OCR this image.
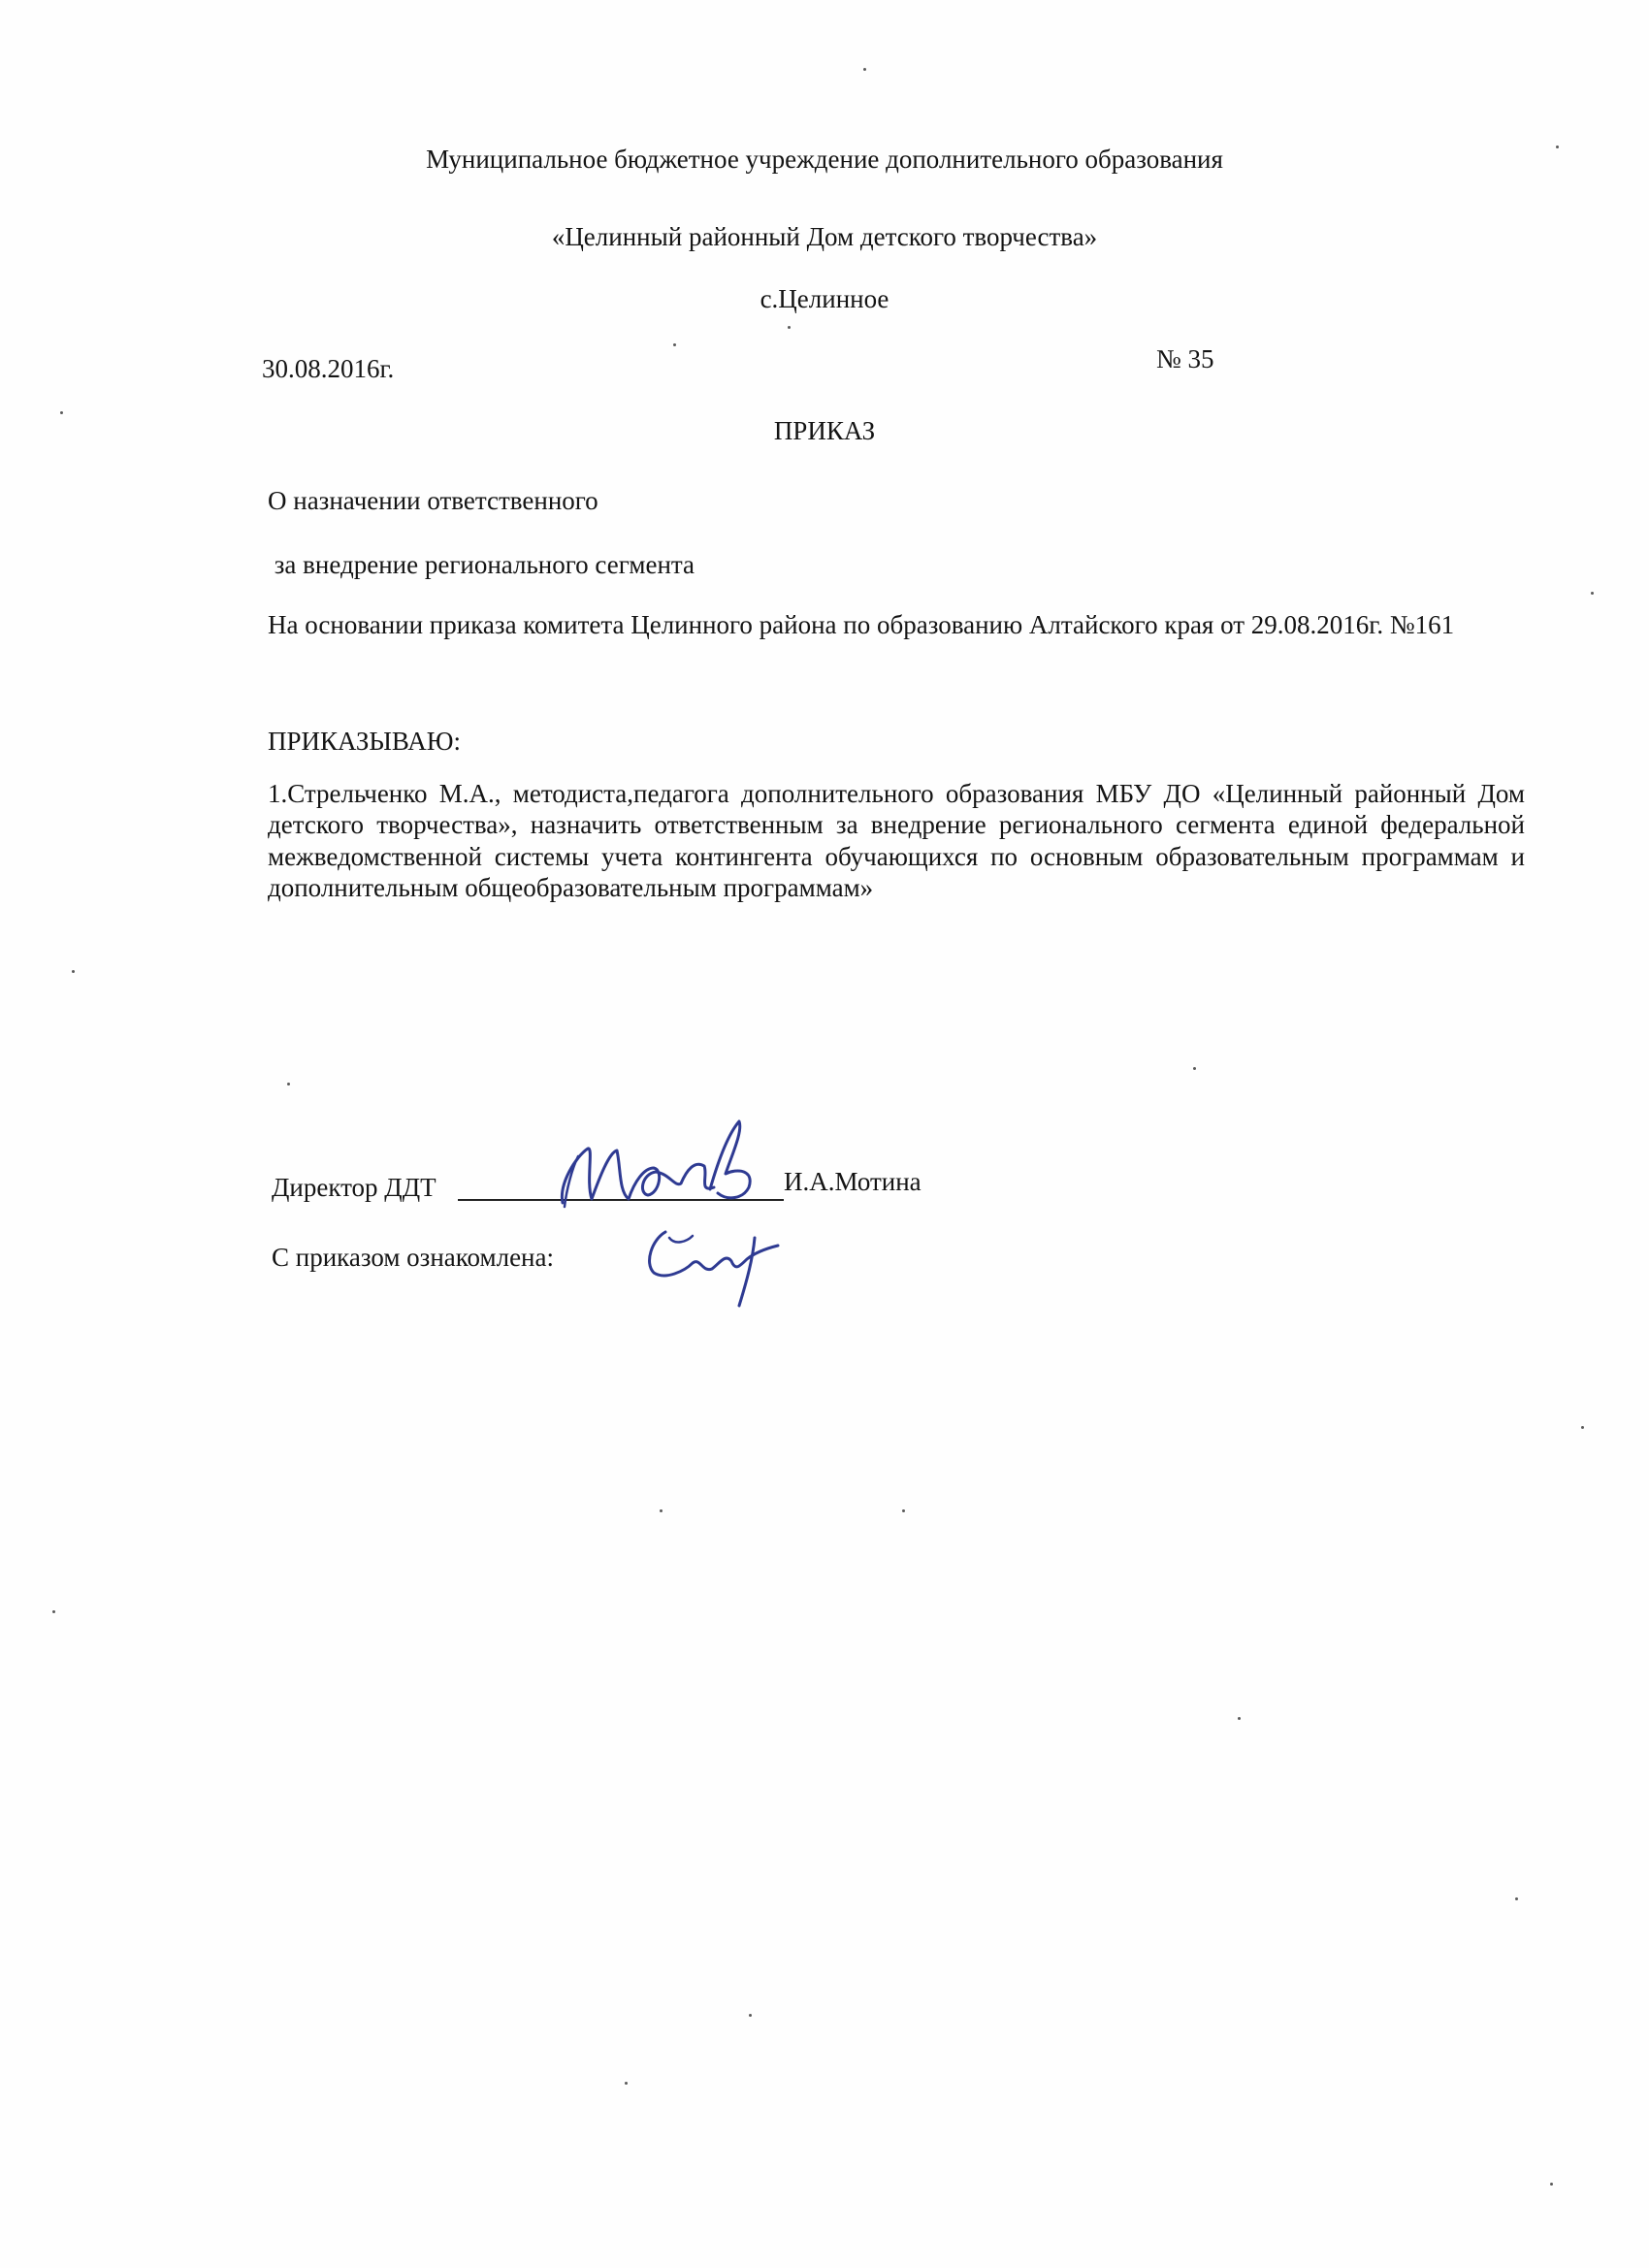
Муниципальное бюджетное учреждение дополнительного образования
«Целинный районный Дом детского творчества»
с.Целинное
30.08.2016г.	№ 35
ПРИКАЗ
О назначении ответственного
за внедрение регионального сегмента
На основании приказа комитета Целинного района по образованию Алтайского края от 29.08.2016г. №161
ПРИКАЗЫВАЮ:
1.Стрельченко М.А., методиста,педагога дополнительного образования МБУ ДО «Целинный районный Дом детского творчества», назначить ответственным за внедрение регионального сегмента единой федеральной межведомственной системы учета контингента обучающихся по основным образовательным программам и дополнительным общеобразовательным программам»
Директор ДДТ	И.А.Мотина
С приказом ознакомлена:
